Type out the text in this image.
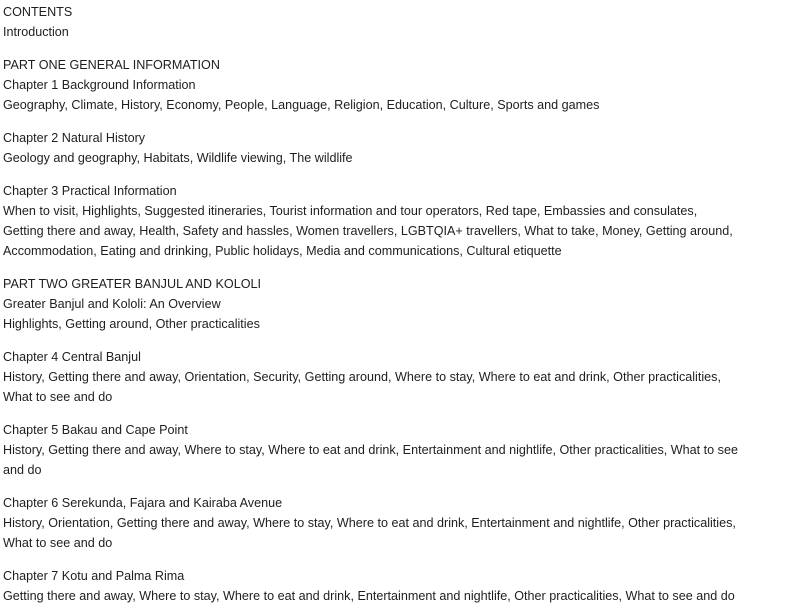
CONTENTS
Introduction
PART ONE GENERAL INFORMATION
Chapter 1 Background Information
Geography, Climate, History, Economy, People, Language, Religion, Education, Culture, Sports and games
Chapter 2 Natural History
Geology and geography, Habitats, Wildlife viewing, The wildlife
Chapter 3 Practical Information
When to visit, Highlights, Suggested itineraries, Tourist information and tour operators, Red tape, Embassies and consulates,
Getting there and away, Health, Safety and hassles, Women travellers, LGBTQIA+ travellers, What to take, Money, Getting around,
Accommodation, Eating and drinking, Public holidays, Media and communications, Cultural etiquette
PART TWO GREATER BANJUL AND KOLOLI
Greater Banjul and Kololi: An Overview
Highlights, Getting around, Other practicalities
Chapter 4 Central Banjul
History, Getting there and away, Orientation, Security, Getting around, Where to stay, Where to eat and drink, Other practicalities,
What to see and do
Chapter 5 Bakau and Cape Point
History, Getting there and away, Where to stay, Where to eat and drink, Entertainment and nightlife, Other practicalities, What to see
and do
Chapter 6 Serekunda, Fajara and Kairaba Avenue
History, Orientation, Getting there and away, Where to stay, Where to eat and drink, Entertainment and nightlife, Other practicalities,
What to see and do
Chapter 7 Kotu and Palma Rima
Getting there and away, Where to stay, Where to eat and drink, Entertainment and nightlife, Other practicalities, What to see and do
